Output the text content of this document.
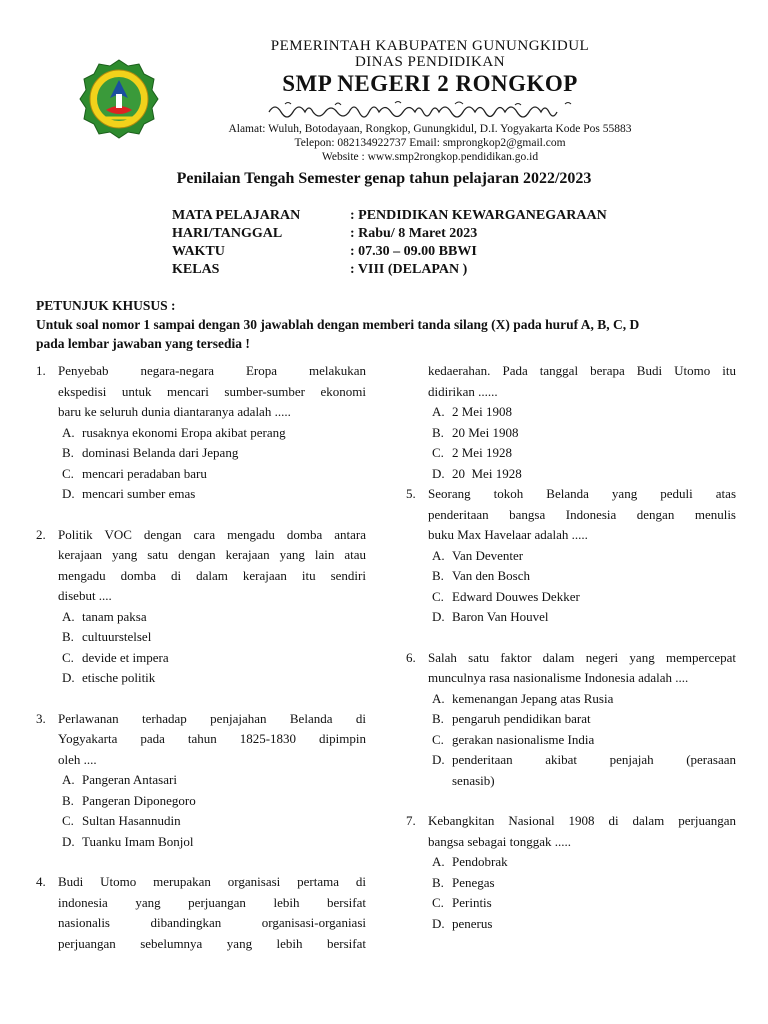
PEMERINTAH KABUPATEN GUNUNGKIDUL
DINAS PENDIDIKAN
SMP NEGERI 2 RONGKOP
Alamat: Wuluh, Botodayaan, Rongkop, Gunungkidul, D.I. Yogyakarta Kode Pos 55883
Telepon: 082134922737 Email: smprongkop2@gmail.com
Website : www.smp2rongkop.pendidikan.go.id
Penilaian Tengah Semester genap tahun pelajaran 2022/2023
MATA PELAJARAN	: PENDIDIKAN KEWARGANEGARAAN
HARI/TANGGAL	: Rabu/ 8 Maret 2023
WAKTU	: 07.30 – 09.00 BBWI
KELAS	: VIII (DELAPAN )
PETUNJUK KHUSUS :
Untuk soal nomor 1 sampai dengan 30 jawablah dengan memberi tanda silang (X) pada huruf A, B, C, D
pada lembar jawaban yang tersedia !
1. Penyebab negara-negara Eropa melakukan
ekspedisi untuk mencari sumber-sumber ekonomi
baru ke seluruh dunia diantaranya adalah .....
A. rusaknya ekonomi Eropa akibat perang
B. dominasi Belanda dari Jepang
C. mencari peradaban baru
D. mencari sumber emas
2. Politik VOC dengan cara mengadu domba antara
kerajaan yang satu dengan kerajaan yang lain atau
mengadu domba di dalam kerajaan itu sendiri
disebut ....
A. tanam paksa
B. cultuurstelsel
C. devide et impera
D. etische politik
3. Perlawanan terhadap penjajahan Belanda di
Yogyakarta pada tahun 1825-1830 dipimpin
oleh ....
A. Pangeran Antasari
B. Pangeran Diponegoro
C. Sultan Hasannudin
D. Tuanku Imam Bonjol
4. Budi Utomo merupakan organisasi pertama di
indonesia yang perjuangan lebih bersifat
nasionalis dibandingkan organisasi-organiasi
perjuangan sebelumnya yang lebih bersifat
kedaerahan. Pada tanggal berapa Budi Utomo itu
didirikan ......
A. 2 Mei 1908
B. 20 Mei 1908
C. 2 Mei 1928
D. 20  Mei 1928
5. Seorang tokoh Belanda yang peduli atas
penderitaan bangsa Indonesia dengan menulis
buku Max Havelaar adalah .....
A. Van Deventer
B. Van den Bosch
C. Edward Douwes Dekker
D. Baron Van Houvel
6. Salah satu faktor dalam negeri yang mempercepat
munculnya rasa nasionalisme Indonesia adalah ....
A. kemenangan Jepang atas Rusia
B. pengaruh pendidikan barat
C. gerakan nasionalisme India
D. penderitaan akibat penjajah (perasaan
senasib)
7. Kebangkitan Nasional 1908 di dalam perjuangan
bangsa sebagai tonggak .....
A. Pendobrak
B. Penegas
C. Perintis
D. penerus
